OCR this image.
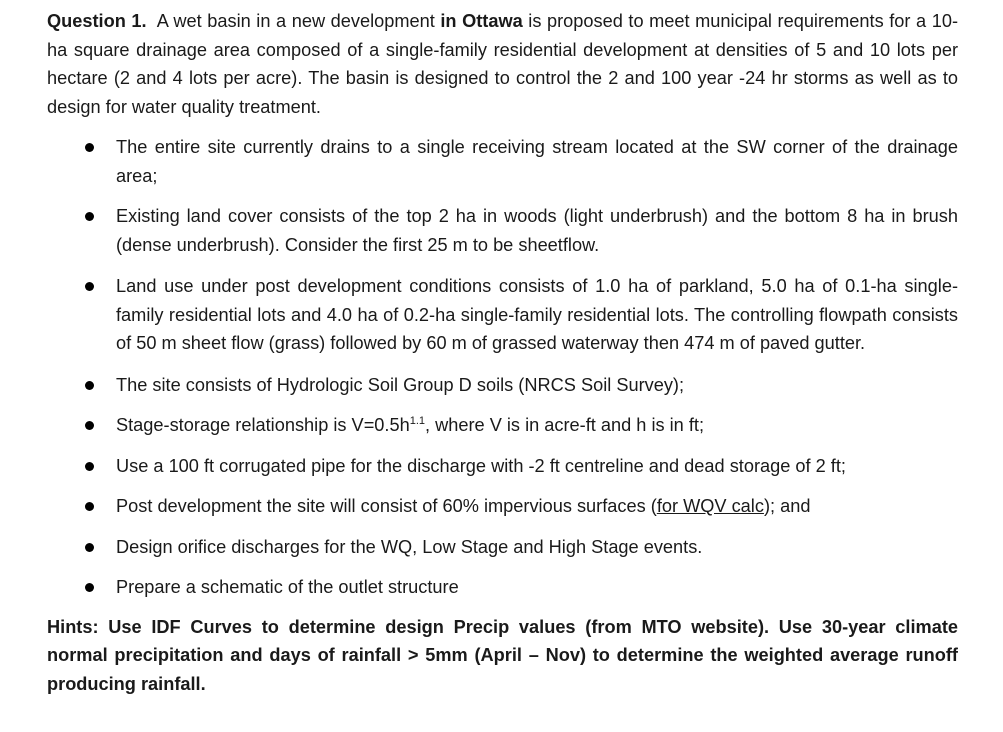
Question 1. A wet basin in a new development in Ottawa is proposed to meet municipal requirements for a 10-ha square drainage area composed of a single-family residential development at densities of 5 and 10 lots per hectare (2 and 4 lots per acre). The basin is designed to control the 2 and 100 year -24 hr storms as well as to design for water quality treatment.

The entire site currently drains to a single receiving stream located at the SW corner of the drainage area;
Existing land cover consists of the top 2 ha in woods (light underbrush) and the bottom 8 ha in brush (dense underbrush). Consider the first 25 m to be sheetflow.
Land use under post development conditions consists of 1.0 ha of parkland, 5.0 ha of 0.1-ha single-family residential lots and 4.0 ha of 0.2-ha single-family residential lots. The controlling flowpath consists of 50 m sheet flow (grass) followed by 60 m of grassed waterway then 474 m of paved gutter.
The site consists of Hydrologic Soil Group D soils (NRCS Soil Survey);
Stage-storage relationship is $V=0.5h^{1.1}$, where V is in acre-ft and h is in ft;
Use a 100 ft corrugated pipe for the discharge with -2 ft centreline and dead storage of 2 ft;
Post development the site will consist of 60% impervious surfaces (for WQV calc); and
Design orifice discharges for the WQ, Low Stage and High Stage events.
Prepare a schematic of the outlet structure

Hints: Use IDF Curves to determine design Precip values (from MTO website). Use 30-year climate normal precipitation and days of rainfall > 5mm (April – Nov) to determine the weighted average runoff producing rainfall.
